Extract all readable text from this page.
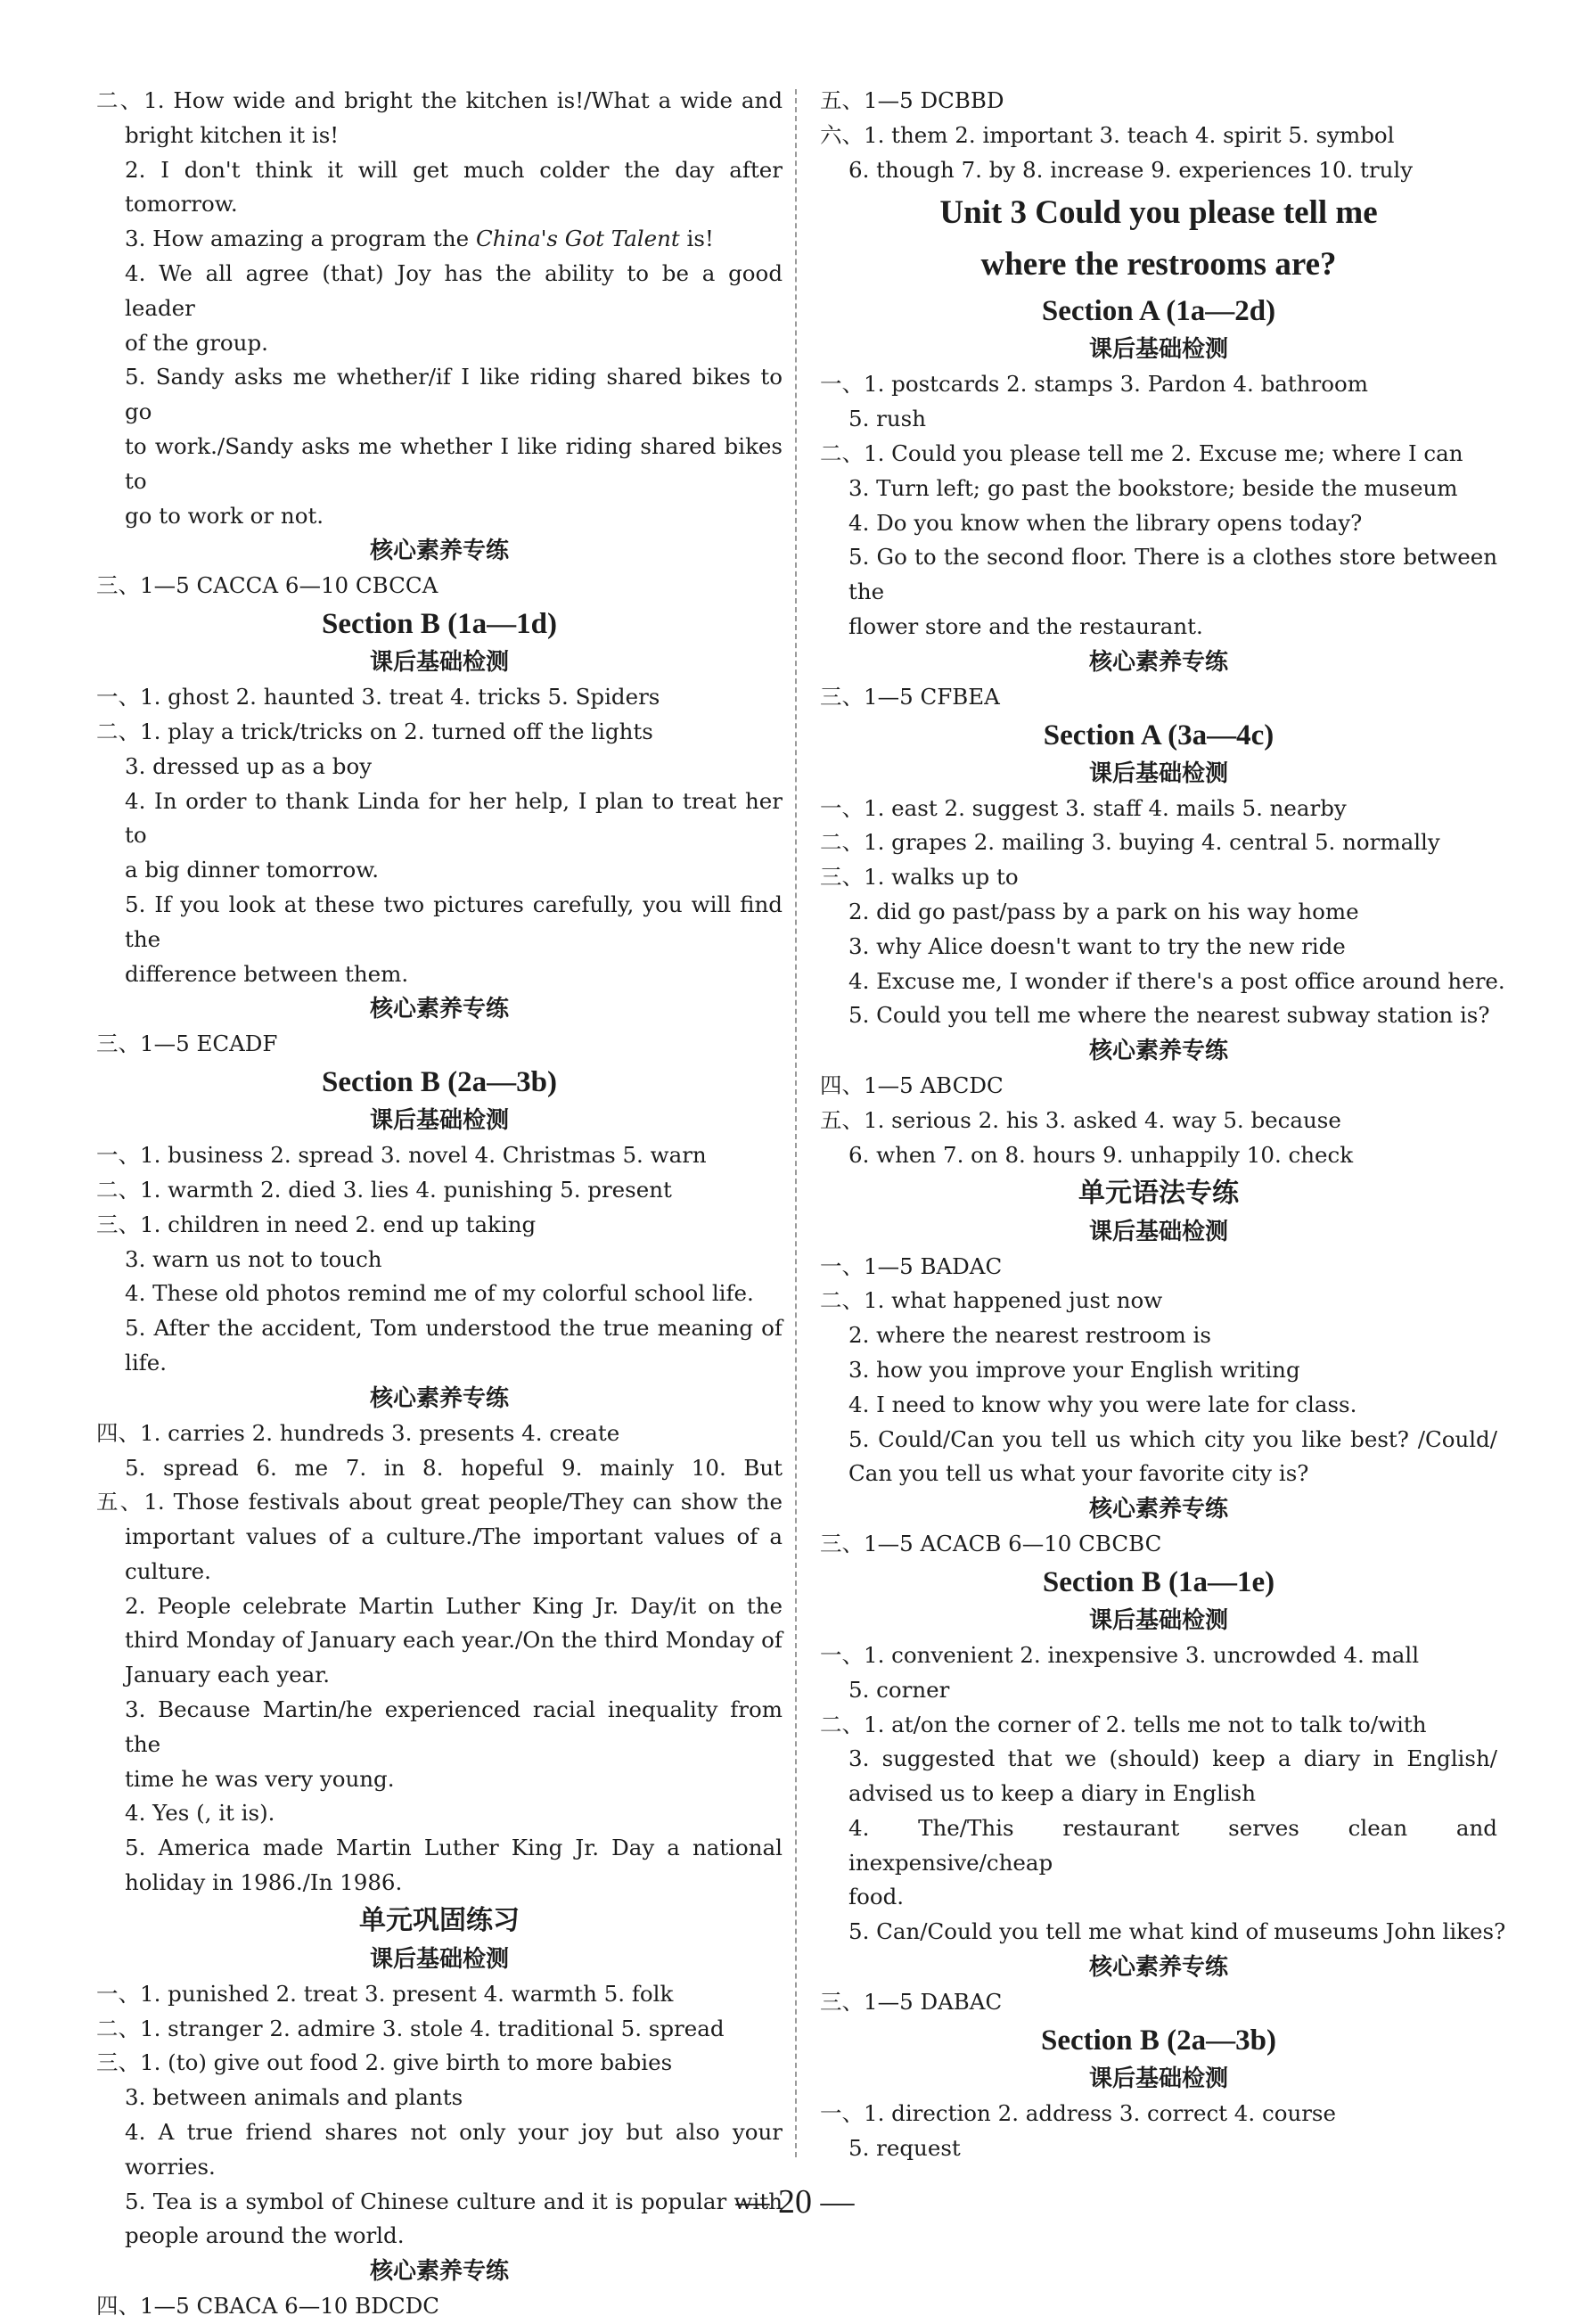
二、1. How wide and bright the kitchen is!/What a wide and
bright kitchen it is!
2. I don't think it will get much colder the day after
tomorrow.
3. How amazing a program the China's Got Talent is!
4. We all agree (that) Joy has the ability to be a good leader
of the group.
5. Sandy asks me whether/if I like riding shared bikes to go
to work./Sandy asks me whether I like riding shared bikes to
go to work or not.
核心素养专练
三、1—5 CACCA 6—10 CBCCA
Section B (1a—1d)
课后基础检测
一、1. ghost 2. haunted 3. treat 4. tricks 5. Spiders
二、1. play a trick/tricks on 2. turned off the lights
3. dressed up as a boy
4. In order to thank Linda for her help, I plan to treat her to
a big dinner tomorrow.
5. If you look at these two pictures carefully, you will find the
difference between them.
核心素养专练
三、1—5 ECADF
Section B (2a—3b)
课后基础检测
一、1. business 2. spread 3. novel 4. Christmas 5. warn
二、1. warmth 2. died 3. lies 4. punishing 5. present
三、1. children in need 2. end up taking
3. warn us not to touch
4. These old photos remind me of my colorful school life.
5. After the accident, Tom understood the true meaning of
life.
核心素养专练
四、1. carries 2. hundreds 3. presents 4. create
5. spread 6. me 7. in 8. hopeful 9. mainly 10. But
五、1. Those festivals about great people/They can show the
important values of a culture./The important values of a
culture.
2. People celebrate Martin Luther King Jr. Day/it on the
third Monday of January each year./On the third Monday of
January each year.
3. Because Martin/he experienced racial inequality from the
time he was very young.
4. Yes (, it is).
5. America made Martin Luther King Jr. Day a national
holiday in 1986./In 1986.
单元巩固练习
课后基础检测
一、1. punished 2. treat 3. present 4. warmth 5. folk
二、1. stranger 2. admire 3. stole 4. traditional 5. spread
三、1. (to) give out food 2. give birth to more babies
3. between animals and plants
4. A true friend shares not only your joy but also your
worries.
5. Tea is a symbol of Chinese culture and it is popular with
people around the world.
核心素养专练
四、1—5 CBACA 6—10 BDCDC
五、1—5 DCBBD
六、1. them 2. important 3. teach 4. spirit 5. symbol
6. though 7. by 8. increase 9. experiences 10. truly
Unit 3 Could you please tell me
where the restrooms are?
Section A (1a—2d)
课后基础检测
一、1. postcards 2. stamps 3. Pardon 4. bathroom
5. rush
二、1. Could you please tell me 2. Excuse me; where I can
3. Turn left; go past the bookstore; beside the museum
4. Do you know when the library opens today?
5. Go to the second floor. There is a clothes store between the
flower store and the restaurant.
核心素养专练
三、1—5 CFBEA
Section A (3a—4c)
课后基础检测
一、1. east 2. suggest 3. staff 4. mails 5. nearby
二、1. grapes 2. mailing 3. buying 4. central 5. normally
三、1. walks up to
2. did go past/pass by a park on his way home
3. why Alice doesn't want to try the new ride
4. Excuse me, I wonder if there's a post office around here.
5. Could you tell me where the nearest subway station is?
核心素养专练
四、1—5 ABCDC
五、1. serious 2. his 3. asked 4. way 5. because
6. when 7. on 8. hours 9. unhappily 10. check
单元语法专练
课后基础检测
一、1—5 BADAC
二、1. what happened just now
2. where the nearest restroom is
3. how you improve your English writing
4. I need to know why you were late for class.
5. Could/Can you tell us which city you like best? /Could/
Can you tell us what your favorite city is?
核心素养专练
三、1—5 ACACB 6—10 CBCBC
Section B (1a—1e)
课后基础检测
一、1. convenient 2. inexpensive 3. uncrowded 4. mall
5. corner
二、1. at/on the corner of 2. tells me not to talk to/with
3. suggested that we (should) keep a diary in English/
advised us to keep a diary in English
4. The/This restaurant serves clean and inexpensive/cheap
food.
5. Can/Could you tell me what kind of museums John likes?
核心素养专练
三、1—5 DABAC
Section B (2a—3b)
课后基础检测
一、1. direction 2. address 3. correct 4. course
5. request
— 20 —
